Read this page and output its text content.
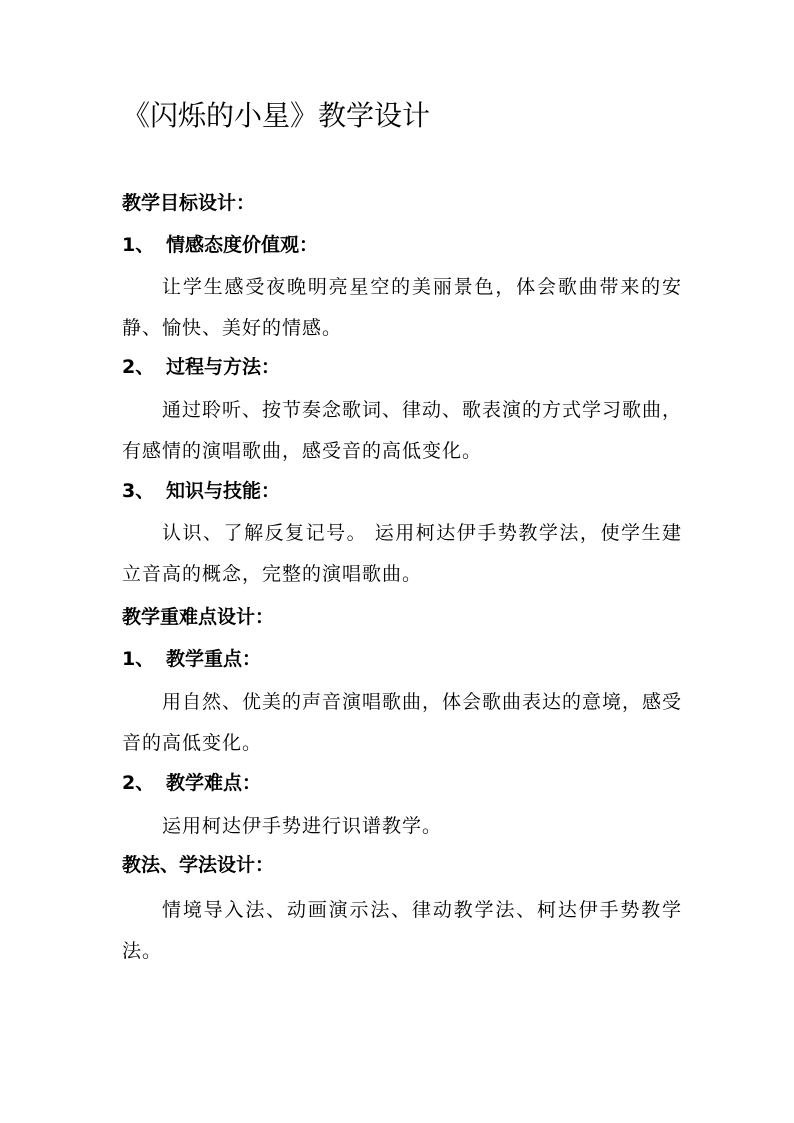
《闪烁的小星》教学设计
教学目标设计：
1、 情感态度价值观：
让学生感受夜晚明亮星空的美丽景色，体会歌曲带来的安静、愉快、美好的情感。
2、 过程与方法：
通过聆听、按节奏念歌词、律动、歌表演的方式学习歌曲，有感情的演唱歌曲，感受音的高低变化。
3、 知识与技能：
认识、了解反复记号。 运用柯达伊手势教学法，使学生建立音高的概念，完整的演唱歌曲。
教学重难点设计：
1、 教学重点：
用自然、优美的声音演唱歌曲，体会歌曲表达的意境，感受音的高低变化。
2、 教学难点：
运用柯达伊手势进行识谱教学。
教法、学法设计：
情境导入法、动画演示法、律动教学法、柯达伊手势教学法。
